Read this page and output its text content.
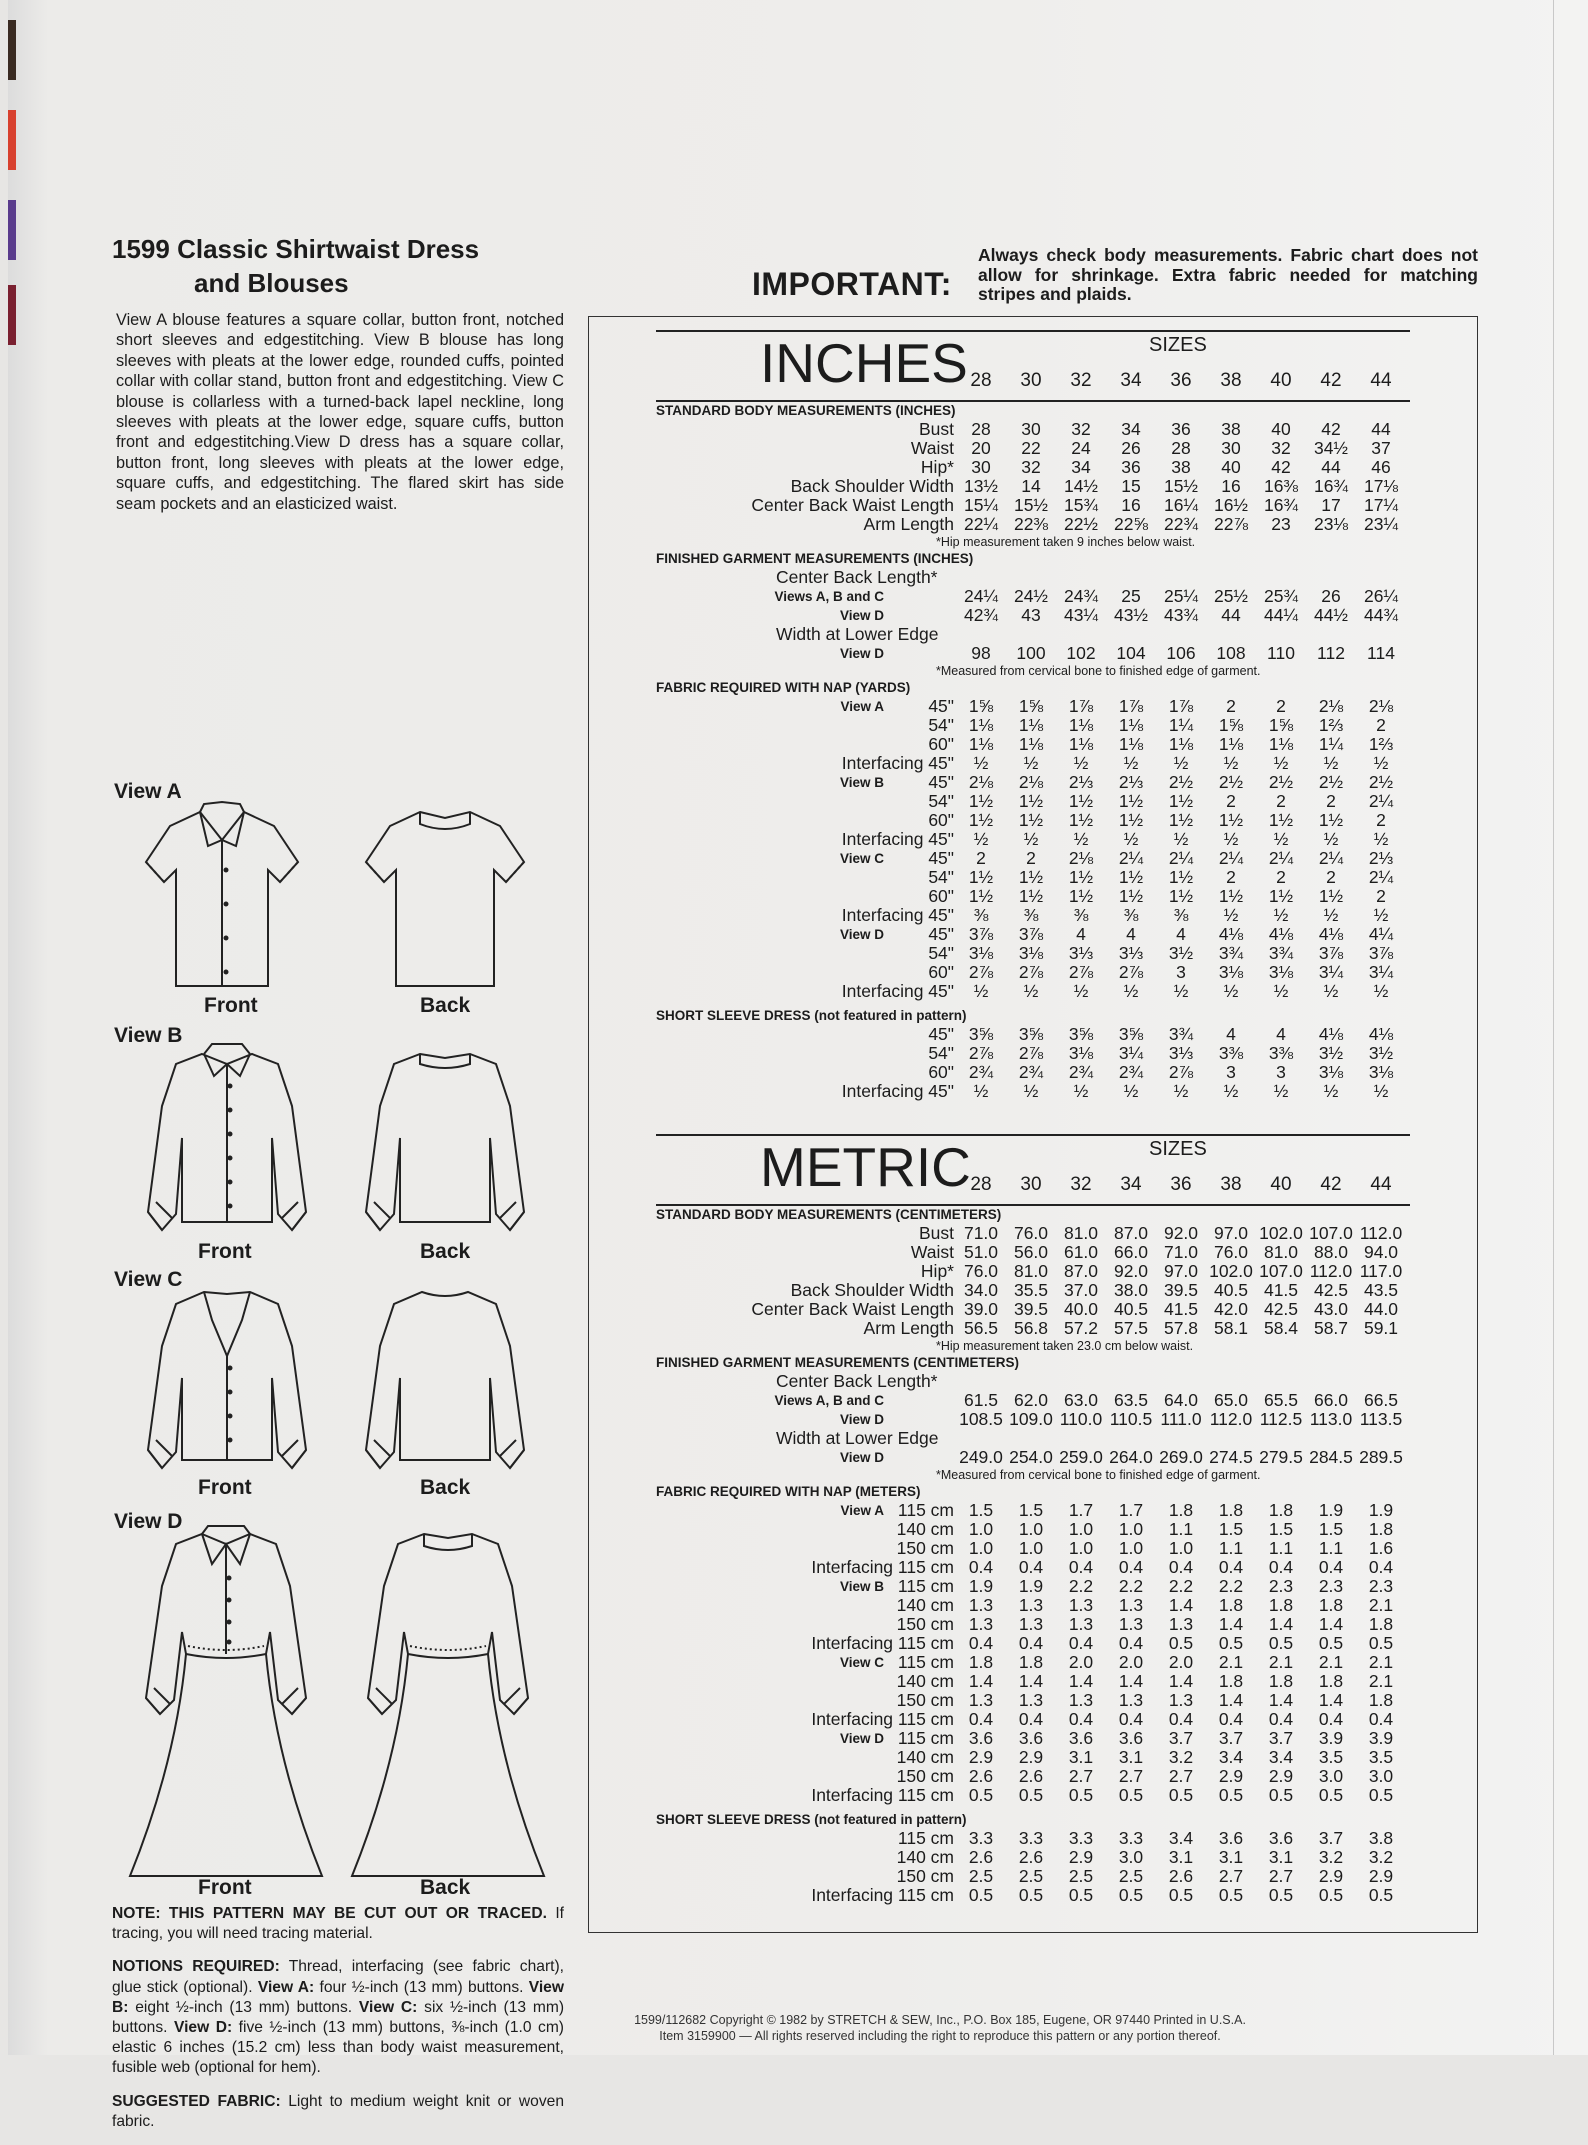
1599 Classic Shirtwaist Dress
and Blouses

View A blouse features a square collar, button front, notched short sleeves and edgestitching. View B blouse has long sleeves with pleats at the lower edge, rounded cuffs, pointed collar with collar stand, button front and edgestitching. View C blouse is collarless with a turned-back lapel neckline, long sleeves with pleats at the lower edge, square cuffs, button front and edgestitching.View D dress has a square collar, button front, long sleeves with pleats at the lower edge, square cuffs, and edgestitching. The flared skirt has side seam pockets and an elasticized waist.

View A
Front	Back
View B
Front	Back
View C
Front	Back
View D
Front	Back

NOTE: THIS PATTERN MAY BE CUT OUT OR TRACED. If tracing, you will need tracing material.

NOTIONS REQUIRED: Thread, interfacing (see fabric chart), glue stick (optional). View A: four ½-inch (13 mm) buttons. View B: eight ½-inch (13 mm) buttons. View C: six ½-inch (13 mm) buttons. View D: five ½-inch (13 mm) buttons, ⅜-inch (1.0 cm) elastic 6 inches (15.2 cm) less than body waist measurement, fusible web (optional for hem).

SUGGESTED FABRIC: Light to medium weight knit or woven fabric.

IMPORTANT:
Always check body measurements. Fabric chart does not allow for shrinkage. Extra fabric needed for matching stripes and plaids.
INCHES	SIZES
28	30	32	34	36	38	40	42	44
STANDARD BODY MEASUREMENTS (INCHES)
Bust 28	30	32	34	36	38	40	42	44
Waist 20	22	24	26	28	30	32	34½	37
Hip* 30	32	34	36	38	40	42	44	46
Back Shoulder Width 13½	14	14½	15	15½	16	16⅜ 16¾ 17⅛
Center Back Waist Length 15¼ 15½ 15¾	16	16¼ 16½ 16¾	17	17¼
Arm Length 22¼ 22⅜ 22½ 22⅝ 22¾ 22⅞	23	23⅛ 23¼
*Hip measurement taken 9 inches below waist.
FINISHED GARMENT MEASUREMENTS (INCHES)
Center Back Length*
Views A, B and C	24¼ 24½ 24¾	25	25¼ 25½ 25¾	26	26¼
View D	42¾	43	43¼ 43½ 43¾	44	44¼ 44½ 44¾
Width at Lower Edge
View D	98	100	102	104	106	108	110	112	114
*Measured from cervical bone to finished edge of garment.
FABRIC REQUIRED WITH NAP (YARDS)
View A	45" 1⅝	1⅝	1⅞	1⅞	1⅞	2	2	2⅛	2⅛
54" 1⅛	1⅛	1⅛	1⅛	1¼	1⅝	1⅝	1⅔	2
60" 1⅛	1⅛	1⅛	1⅛	1⅛	1⅛	1⅛	1¼	1⅔
Interfacing 45"	½	½	½	½	½	½	½	½	½
View B	45" 2⅛	2⅛	2⅓	2⅓	2½	2½	2½	2½	2½
54" 1½	1½	1½	1½	1½	2	2	2	2¼
60" 1½	1½	1½	1½	1½	1½	1½	1½	2
Interfacing 45"	½	½	½	½	½	½	½	½	½
View C	45"	2	2	2⅛	2¼	2¼	2¼	2¼	2¼	2⅓
54" 1½	1½	1½	1½	1½	2	2	2	2¼
60" 1½	1½	1½	1½	1½	1½	1½	1½	2
Interfacing 45"	⅜	⅜	⅜	⅜	⅜	½	½	½	½
View D	45" 3⅞	3⅞	4	4	4	4⅛	4⅛	4⅛	4¼
54" 3⅛	3⅛	3⅓	3⅓	3½	3¾	3¾	3⅞	3⅞
60" 2⅞	2⅞	2⅞	2⅞	3	3⅛	3⅛	3¼	3¼
Interfacing 45"	½	½	½	½	½	½	½	½	½
SHORT SLEEVE DRESS (not featured in pattern)
45" 3⅝	3⅝	3⅝	3⅝	3¾	4	4	4⅛	4⅛
54" 2⅞	2⅞	3⅛	3¼	3⅓	3⅜	3⅜	3½	3½
60" 2¾	2¾	2¾	2¾	2⅞	3	3	3⅛	3⅛
Interfacing 45"	½	½	½	½	½	½	½	½	½
METRIC	SIZES
28	30	32	34	36	38	40	42	44
STANDARD BODY MEASUREMENTS (CENTIMETERS)
Bust 71.0 76.0 81.0 87.0 92.0 97.0 102.0 107.0 112.0
Waist 51.0 56.0 61.0 66.0 71.0 76.0 81.0 88.0 94.0
Hip* 76.0 81.0 87.0 92.0 97.0 102.0 107.0 112.0 117.0
Back Shoulder Width 34.0 35.5 37.0 38.0 39.5 40.5 41.5 42.5 43.5
Center Back Waist Length 39.0 39.5 40.0 40.5 41.5 42.0 42.5 43.0 44.0
Arm Length 56.5 56.8 57.2 57.5 57.8 58.1 58.4 58.7 59.1
*Hip measurement taken 23.0 cm below waist.
FINISHED GARMENT MEASUREMENTS (CENTIMETERS)
Center Back Length*
Views A, B and C	61.5 62.0 63.0 63.5 64.0 65.0 65.5 66.0 66.5
View D	108.5 109.0 110.0 110.5 111.0 112.0 112.5 113.0 113.5
Width at Lower Edge
View D	249.0 254.0 259.0 264.0 269.0 274.5 279.5 284.5 289.5
*Measured from cervical bone to finished edge of garment.
FABRIC REQUIRED WITH NAP (METERS)
View A 115 cm 1.5	1.5	1.7	1.7	1.8	1.8	1.8	1.9	1.9
140 cm 1.0	1.0	1.0	1.0	1.1	1.5	1.5	1.5	1.8
150 cm 1.0	1.0	1.0	1.0	1.0	1.1	1.1	1.1	1.6
Interfacing 115 cm 0.4	0.4	0.4	0.4	0.4	0.4	0.4	0.4	0.4
View B 115 cm 1.9	1.9	2.2	2.2	2.2	2.2	2.3	2.3	2.3
140 cm 1.3	1.3	1.3	1.3	1.4	1.8	1.8	1.8	2.1
150 cm 1.3	1.3	1.3	1.3	1.3	1.4	1.4	1.4	1.8
Interfacing 115 cm 0.4	0.4	0.4	0.4	0.5	0.5	0.5	0.5	0.5
View C 115 cm 1.8	1.8	2.0	2.0	2.0	2.1	2.1	2.1	2.1
140 cm 1.4	1.4	1.4	1.4	1.4	1.8	1.8	1.8	2.1
150 cm 1.3	1.3	1.3	1.3	1.3	1.4	1.4	1.4	1.8
Interfacing 115 cm 0.4	0.4	0.4	0.4	0.4	0.4	0.4	0.4	0.4
View D 115 cm 3.6	3.6	3.6	3.6	3.7	3.7	3.7	3.9	3.9
140 cm 2.9	2.9	3.1	3.1	3.2	3.4	3.4	3.5	3.5
150 cm 2.6	2.6	2.7	2.7	2.7	2.9	2.9	3.0	3.0
Interfacing 115 cm 0.5	0.5	0.5	0.5	0.5	0.5	0.5	0.5	0.5
SHORT SLEEVE DRESS (not featured in pattern)
115 cm 3.3	3.3	3.3	3.3	3.4	3.6	3.6	3.7	3.8
140 cm 2.6	2.6	2.9	3.0	3.1	3.1	3.1	3.2	3.2
150 cm 2.5	2.5	2.5	2.5	2.6	2.7	2.7	2.9	2.9
Interfacing 115 cm 0.5	0.5	0.5	0.5	0.5	0.5	0.5	0.5	0.5
1599/112682 Copyright © 1982 by STRETCH & SEW, Inc., P.O. Box 185, Eugene, OR 97440 Printed in U.S.A.
Item 3159900 — All rights reserved including the right to reproduce this pattern or any portion thereof.
